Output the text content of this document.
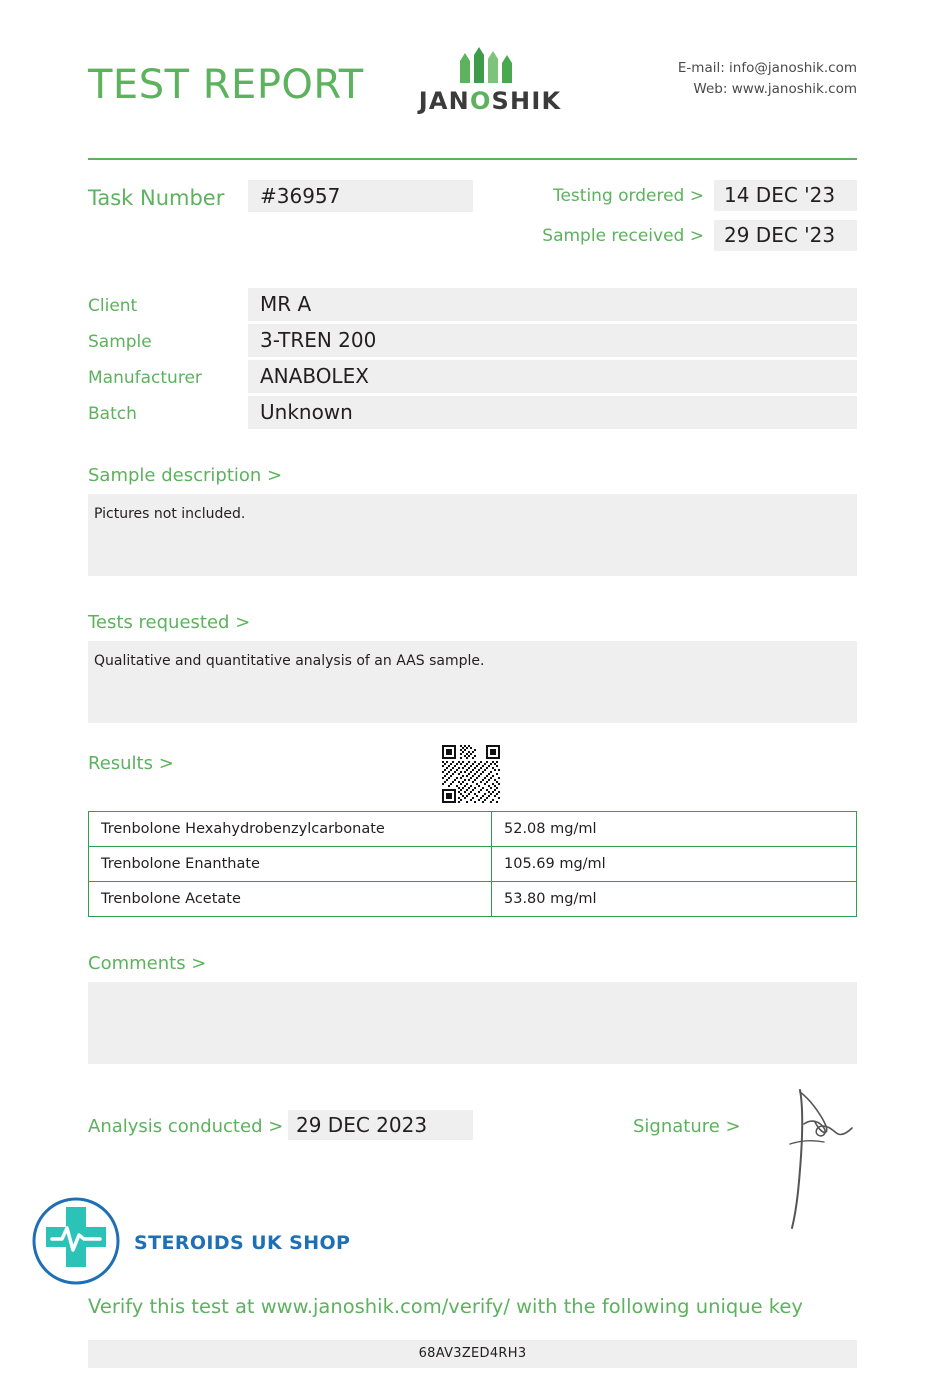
TEST REPORT	JANOSHIK
E-mail: info@janoshik.com
Web: www.janoshik.com
Task Number	#36957	Testing ordered >	14 DEC '23
Sample received >	29 DEC '23
Client	MR A
Sample	3-TREN 200
Manufacturer	ANABOLEX
Batch	Unknown
Sample description >
Pictures not included.
Tests requested >
Qualitative and quantitative analysis of an AAS sample.
Results >
Trenbolone Hexahydrobenzylcarbonate	52.08 mg/ml
Trenbolone Enanthate	105.69 mg/ml
Trenbolone Acetate	53.80 mg/ml
Comments >
Analysis conducted > 29 DEC 2023	Signature >
STEROIDS UK SHOP
Verify this test at www.janoshik.com/verify/ with the following unique key
68AV3ZED4RH3
